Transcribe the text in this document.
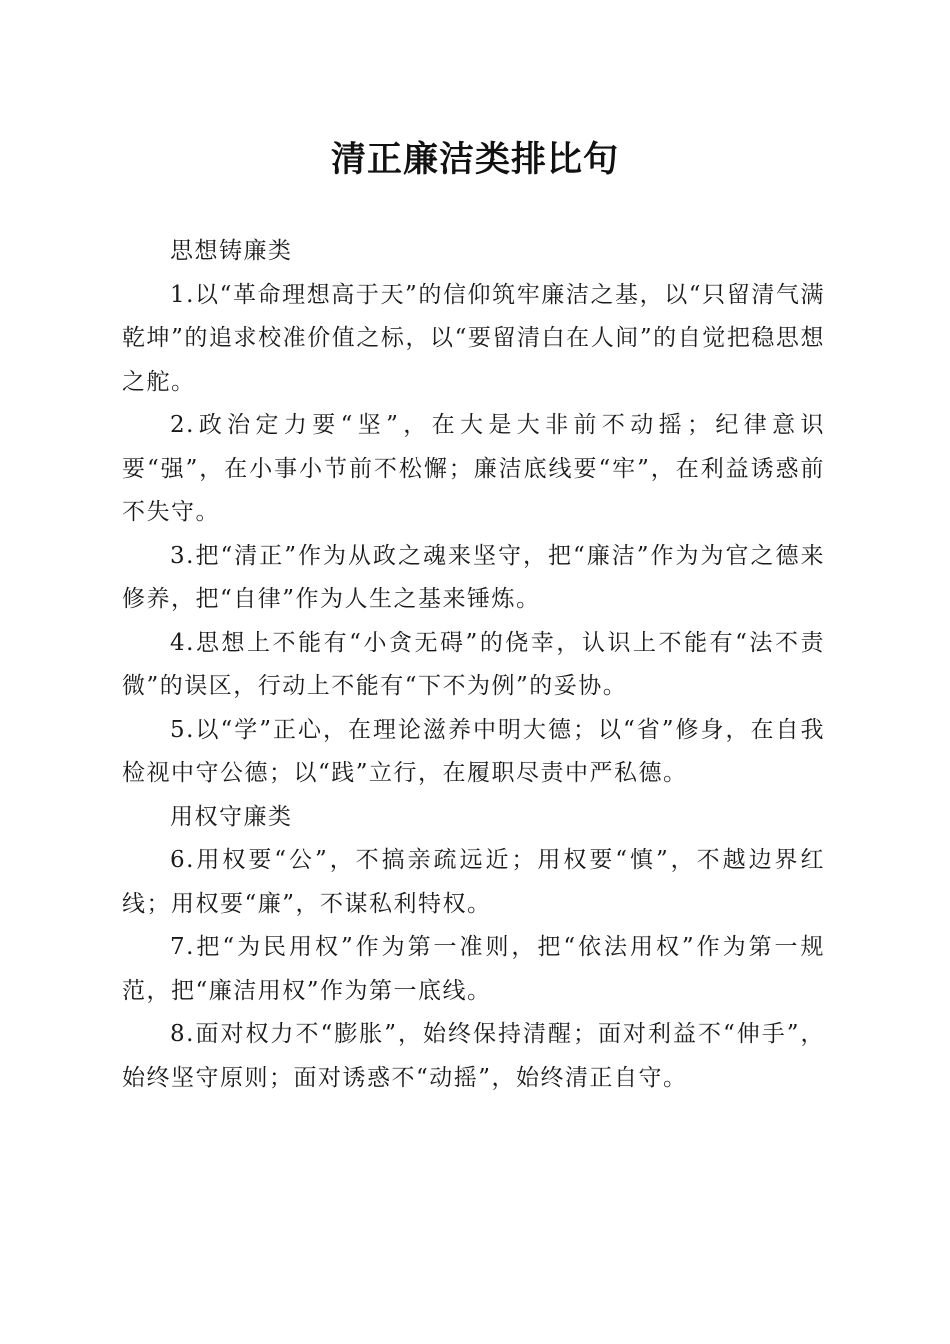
清正廉洁类排比句

思想铸廉类

1.以“革命理想高于天”的信仰筑牢廉洁之基，以“只留清气满乾坤”的追求校准价值之标，以“要留清白在人间”的自觉把稳思想之舵。

2.政治定力要“坚”，在大是大非前不动摇；纪律意识要“强”，在小事小节前不松懈；廉洁底线要“牢”，在利益诱惑前不失守。

3.把“清正”作为从政之魂来坚守，把“廉洁”作为为官之德来修养，把“自律”作为人生之基来锤炼。

4.思想上不能有“小贪无碍”的侥幸，认识上不能有“法不责微”的误区，行动上不能有“下不为例”的妥协。

5.以“学”正心，在理论滋养中明大德；以“省”修身，在自我检视中守公德；以“践”立行，在履职尽责中严私德。

用权守廉类

6.用权要“公”，不搞亲疏远近；用权要“慎”，不越边界红线；用权要“廉”，不谋私利特权。

7.把“为民用权”作为第一准则，把“依法用权”作为第一规范，把“廉洁用权”作为第一底线。

8.面对权力不“膨胀”，始终保持清醒；面对利益不“伸手”，始终坚守原则；面对诱惑不“动摇”，始终清正自守。
